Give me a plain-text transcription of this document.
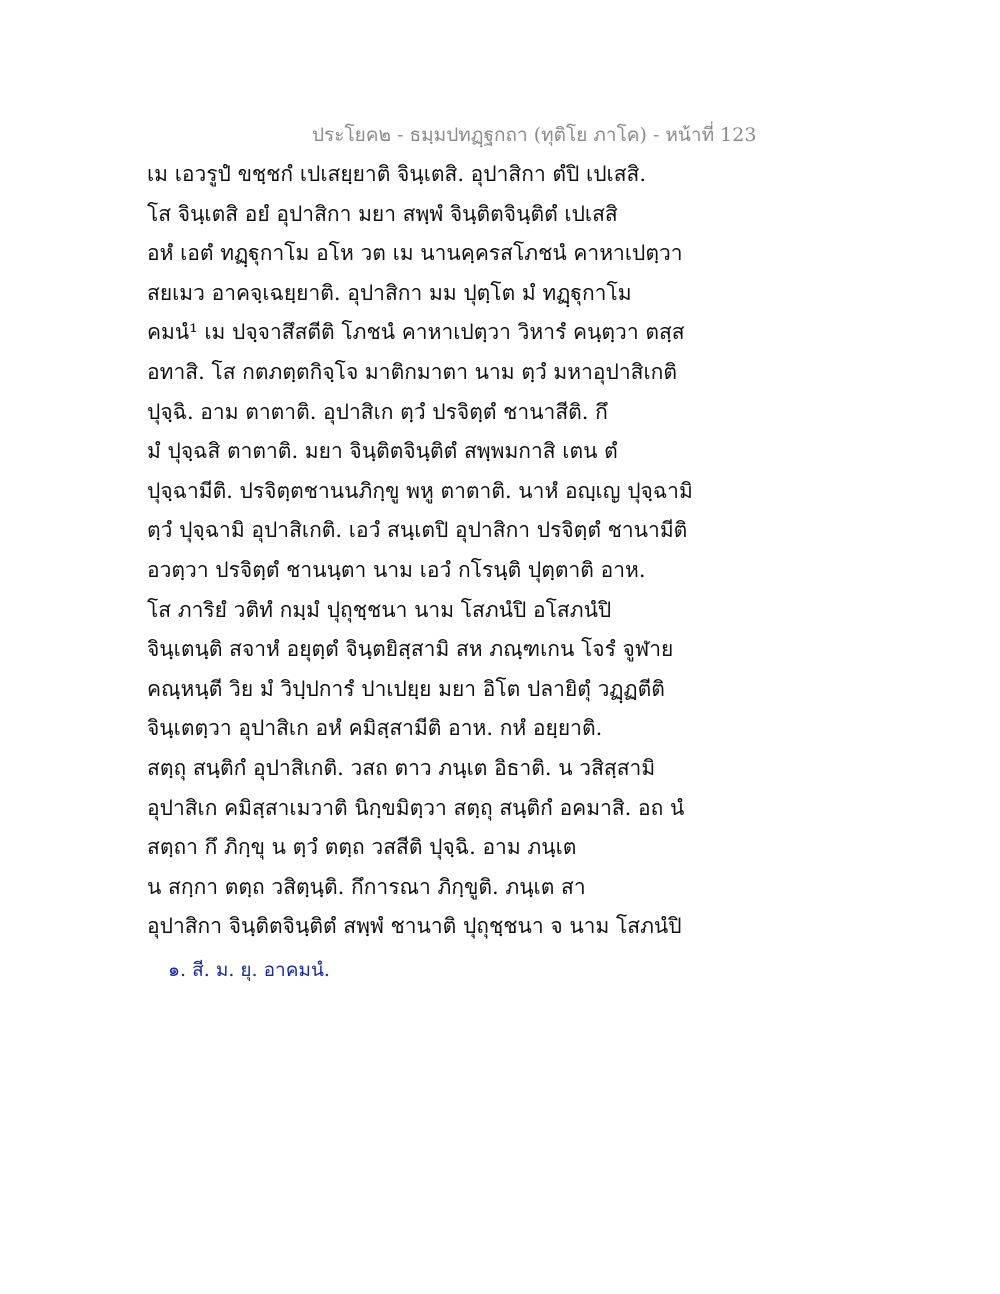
ประโยค๒ - ธมฺมปทฏฺฐกถา (ทุติโย ภาโค) - หน้าที่ 123
เม เอวรูปํ ขชฺชกํ เปเสยฺยาติ จินฺเตสิ. อุปาสิกา ตํปิ เปเสสิ.
โส จินฺเตสิ อยํ อุปาสิกา มยา สพฺพํ จินฺติตจินฺติตํ เปเสสิ
อหํ เอตํ ทฏฺฐุกาโม อโห วต เม นานคฺครสโภชนํ คาหาเปตฺวา
สยเมว อาคจฺเฉยฺยาติ. อุปาสิกา มม ปุตฺโต มํ ทฏฺฐุกาโม
คมนํ¹ เม ปจฺจาสึสตีติ โภชนํ คาหาเปตฺวา วิหารํ คนฺตฺวา ตสฺส
อทาสิ. โส กตภตฺตกิจฺโจ มาติกมาตา นาม ตฺวํ มหาอุปาสิเกติ
ปุจฺฉิ. อาม ตาตาติ. อุปาสิเก ตฺวํ ปรจิตฺตํ ชานาสีติ. กึ
มํ ปุจฺฉสิ ตาตาติ. มยา จินฺติตจินฺติตํ สพฺพมกาสิ เตน ตํ
ปุจฺฉามีติ. ปรจิตฺตชานนภิกฺขู พหู ตาตาติ. นาหํ อญฺเญ ปุจฺฉามิ
ตฺวํ ปุจฺฉามิ อุปาสิเกติ. เอวํ สนฺเตปิ อุปาสิกา ปรจิตฺตํ ชานามีติ
อวตฺวา ปรจิตฺตํ ชานนฺตา นาม เอวํ กโรนฺติ ปุตฺตาติ อาห.
โส ภาริยํ วติทํ กมฺมํ ปุถุชฺชนา นาม โสภนํปิ อโสภนํปิ
จินฺเตนฺติ สจาหํ อยุตฺตํ จินฺตยิสฺสามิ สห ภณฺฑเกน โจรํ จูฬาย
คณฺหนฺตี วิย มํ วิปฺปการํ ปาเปยฺย มยา อิโต ปลายิตุํ วฏฺฏตีติ
จินฺเตตฺวา อุปาสิเก อหํ คมิสฺสามีติ อาห. กหํ อยฺยาติ.
สตฺถุ สนฺติกํ อุปาสิเกติ. วสถ ตาว ภนฺเต อิธาติ. น วสิสฺสามิ
อุปาสิเก คมิสฺสาเมวาติ นิกฺขมิตฺวา สตฺถุ สนฺติกํ อคมาสิ. อถ นํ
สตฺถา กึ ภิกฺขุ น ตฺวํ ตตฺถ วสสีติ ปุจฺฉิ. อาม ภนฺเต
น สกฺกา ตตฺถ วสิตฺนฺติ. กึการณา ภิกฺขูติ. ภนฺเต สา
อุปาสิกา จินฺติตจินฺติตํ สพฺพํ ชานาติ ปุถุชฺชนา จ นาม โสภนํปิ
๑. สี. ม. ยุ. อาคมนํ.
